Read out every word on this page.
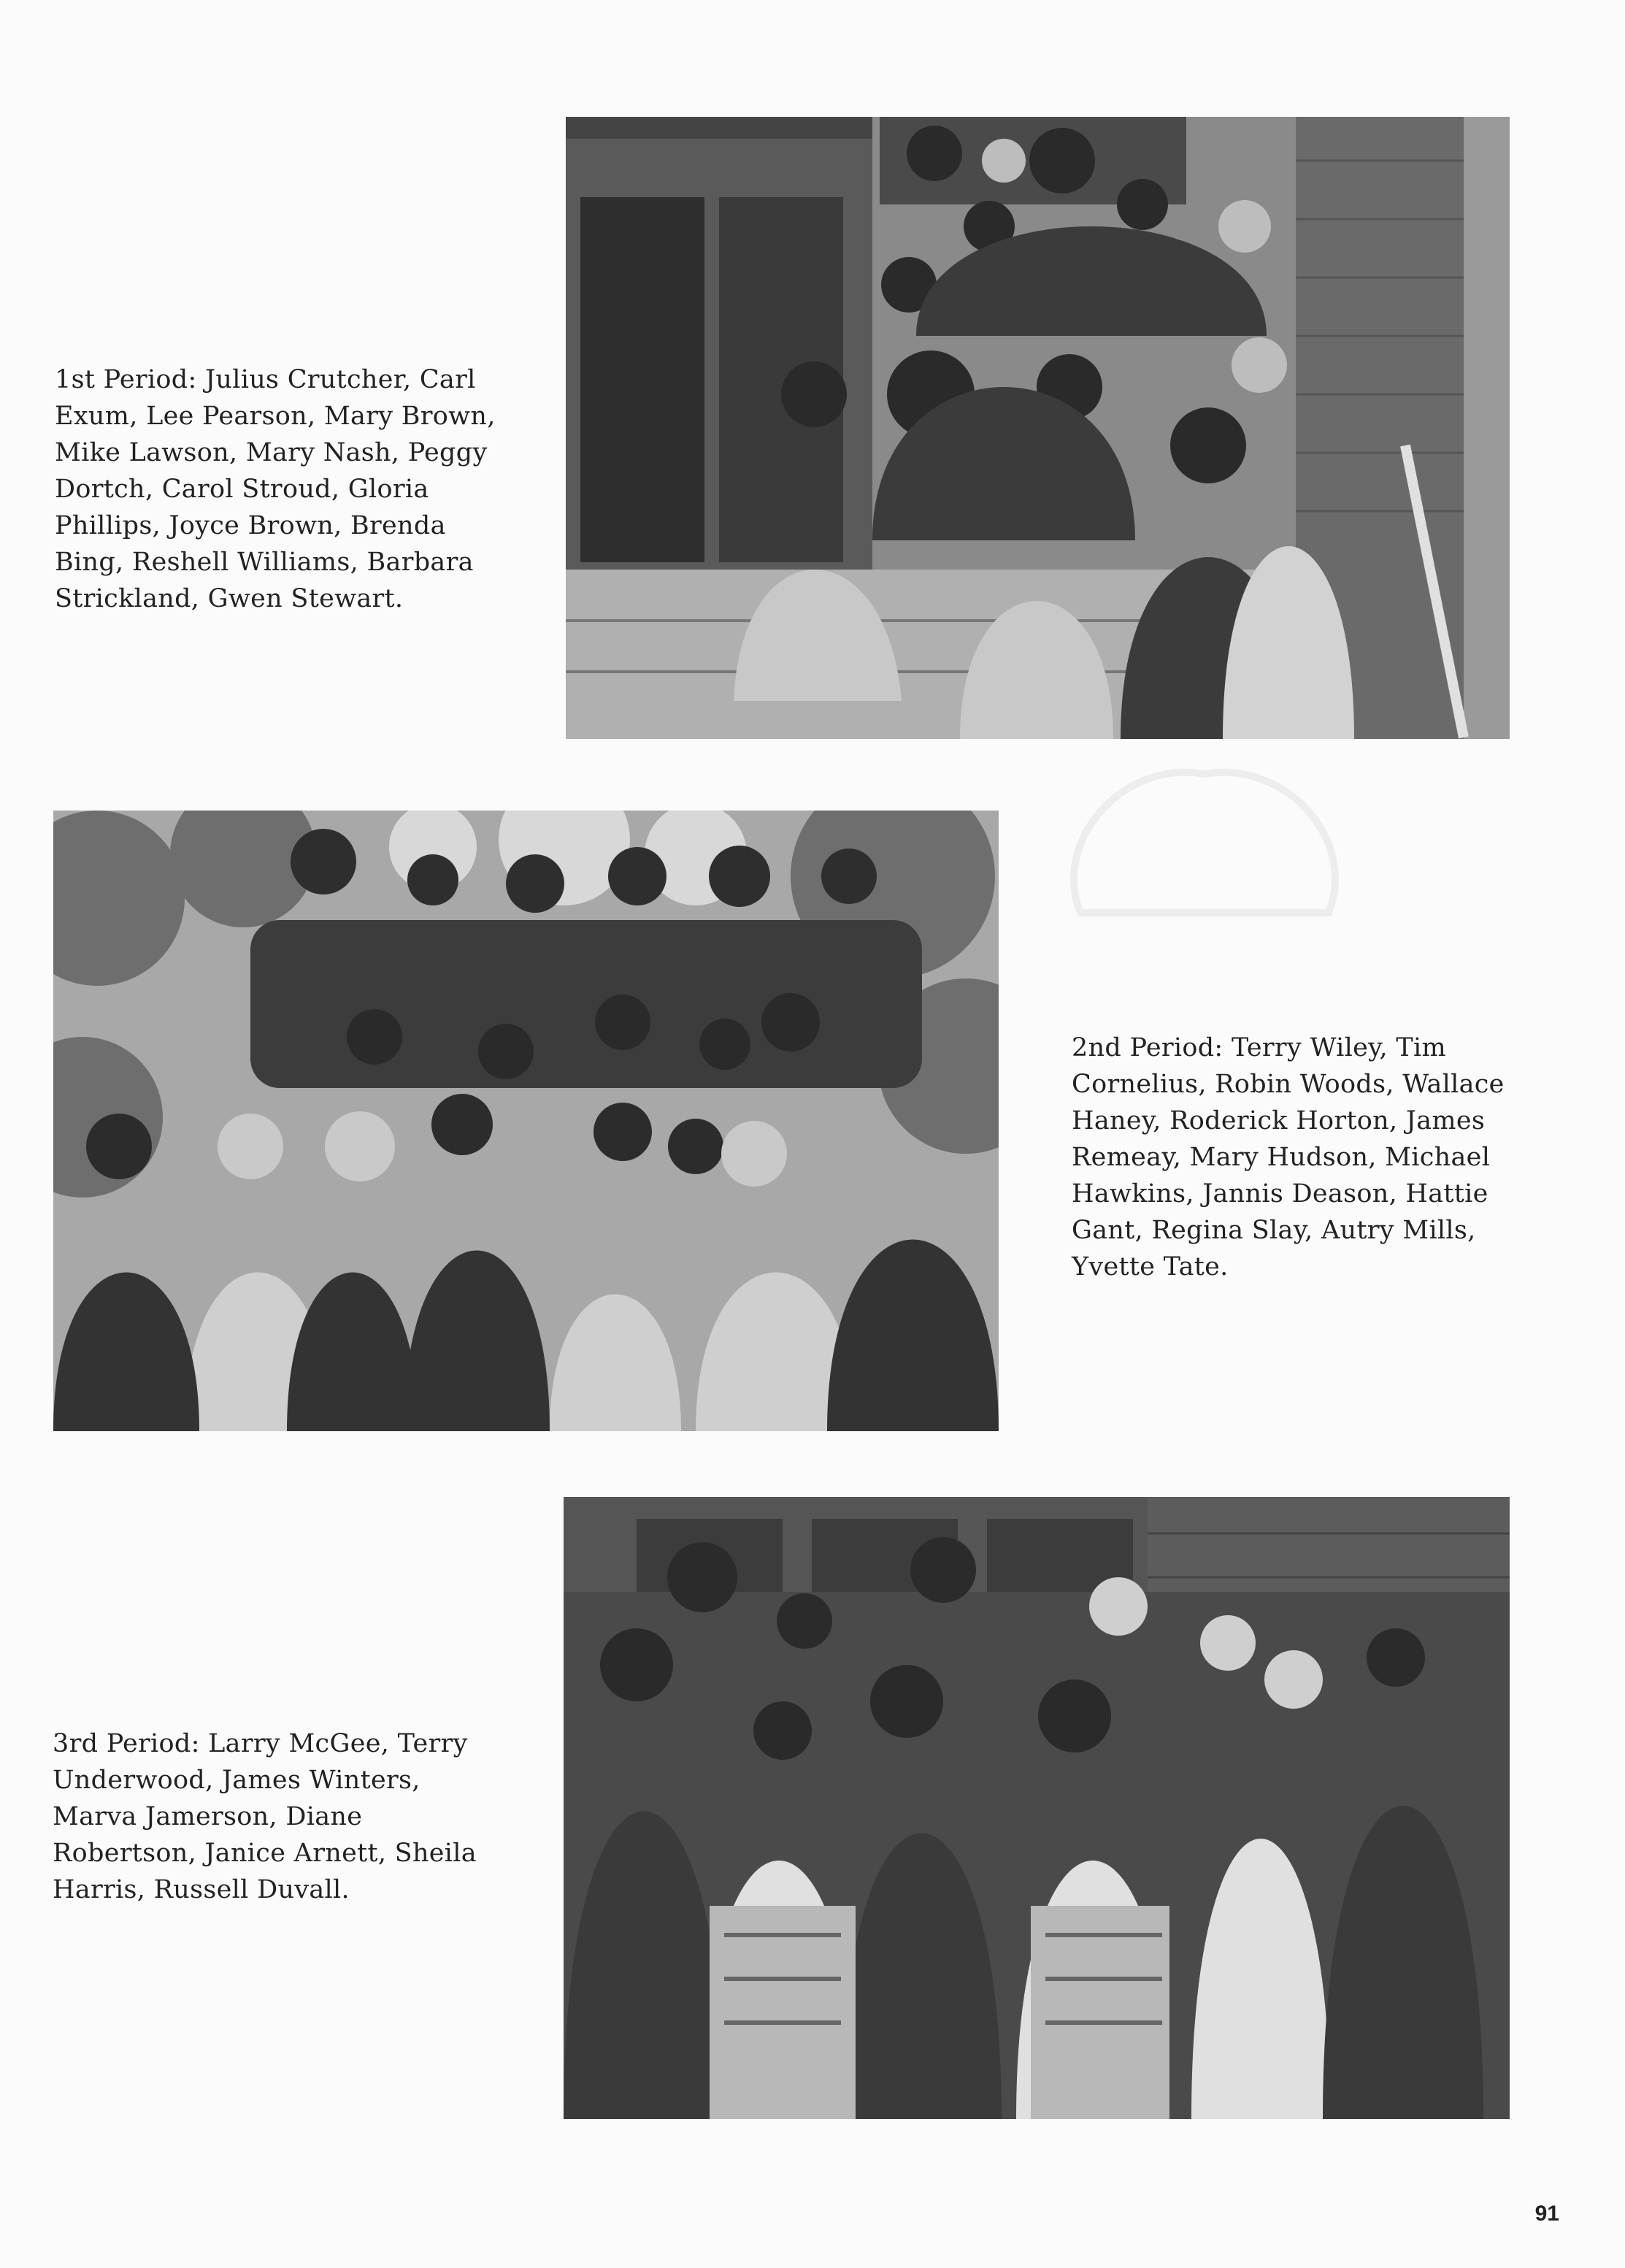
1st Period: Julius Crutcher, Carl Exum, Lee Pearson, Mary Brown, Mike Lawson, Mary Nash, Peggy Dortch, Carol Stroud, Gloria Phillips, Joyce Brown, Brenda Bing, Reshell Williams, Barbara Strickland, Gwen Stewart.

2nd Period: Terry Wiley, Tim Cornelius, Robin Woods, Wallace Haney, Roderick Horton, James Remeay, Mary Hudson, Michael Hawkins, Jannis Deason, Hattie Gant, Regina Slay, Autry Mills, Yvette Tate.

3rd Period: Larry McGee, Terry Underwood, James Winters, Marva Jamerson, Diane Robertson, Janice Arnett, Sheila Harris, Russell Duvall.

91
